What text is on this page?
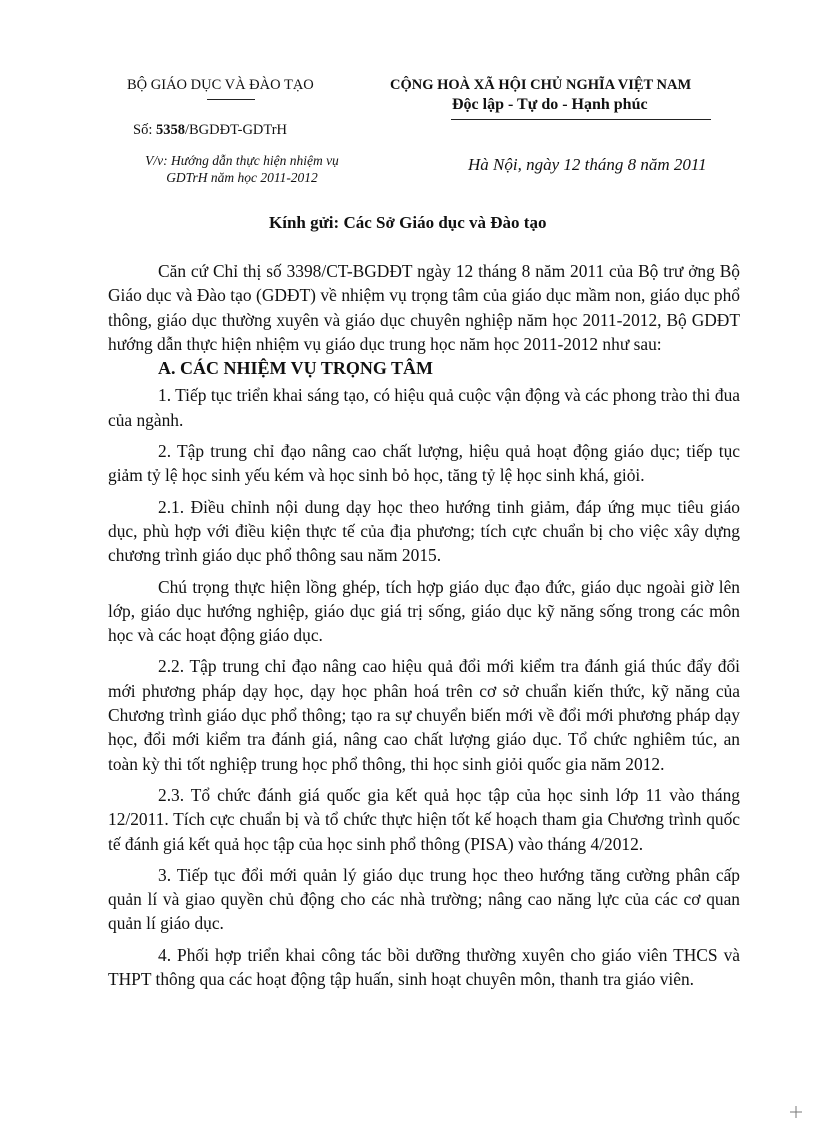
BỘ GIÁO DỤC VÀ ĐÀO TẠO	CỘNG HOÀ XÃ HỘI CHỦ NGHĨA VIỆT NAM
Độc lập - Tự do - Hạnh phúc
Số: 5358/BGDĐT-GDTrH
V/v: Hướng dẫn thực hiện nhiệm vụ
GDTrH năm học 2011-2012
Hà Nội, ngày 12 tháng 8 năm 2011
Kính gửi: Các Sở Giáo dục và Đào tạo

Căn cứ Chỉ thị số 3398/CT-BGDĐT ngày 12 tháng 8 năm 2011 của Bộ trư ởng Bộ Giáo dục và Đào tạo (GDĐT) về nhiệm vụ trọng tâm của giáo dục mầm non, giáo dục phổ thông, giáo dục thường xuyên và giáo dục chuyên nghiệp năm học 2011-2012, Bộ GDĐT hướng dẫn thực hiện nhiệm vụ giáo dục trung học năm học 2011-2012 như sau:

A. CÁC NHIỆM VỤ TRỌNG TÂM

1. Tiếp tục triển khai sáng tạo, có hiệu quả cuộc vận động và các phong trào thi đua của ngành.

2. Tập trung chỉ đạo nâng cao chất lượng, hiệu quả hoạt động giáo dục; tiếp tục giảm tỷ lệ học sinh yếu kém và học sinh bỏ học, tăng tỷ lệ học sinh khá, giỏi.

2.1. Điều chỉnh nội dung dạy học theo hướng tinh giảm, đáp ứng mục tiêu giáo dục, phù hợp với điều kiện thực tế của địa phương; tích cực chuẩn bị cho việc xây dựng chương trình giáo dục phổ thông sau năm 2015.

Chú trọng thực hiện lồng ghép, tích hợp giáo dục đạo đức, giáo dục ngoài giờ lên lớp, giáo dục hướng nghiệp, giáo dục giá trị sống, giáo dục kỹ năng sống trong các môn học và các hoạt động giáo dục.

2.2. Tập trung chỉ đạo nâng cao hiệu quả đổi mới kiểm tra đánh giá thúc đẩy đổi mới phương pháp dạy học, dạy học phân hoá trên cơ sở chuẩn kiến thức, kỹ năng của Chương trình giáo dục phổ thông; tạo ra sự chuyển biến mới về đổi mới phương pháp dạy học, đổi mới kiểm tra đánh giá, nâng cao chất lượng giáo dục. Tổ chức nghiêm túc, an toàn kỳ thi tốt nghiệp trung học phổ thông, thi học sinh giỏi quốc gia năm 2012.

2.3. Tổ chức đánh giá quốc gia kết quả học tập của học sinh lớp 11 vào tháng 12/2011. Tích cực chuẩn bị và tổ chức thực hiện tốt kế hoạch tham gia Chương trình quốc tế đánh giá kết quả học tập của học sinh phổ thông (PISA) vào tháng 4/2012.

3. Tiếp tục đổi mới quản lý giáo dục trung học theo hướng tăng cường phân cấp quản lí và giao quyền chủ động cho các nhà trường; nâng cao năng lực của các cơ quan quản lí giáo dục.

4. Phối hợp triển khai công tác bồi dưỡng thường xuyên cho giáo viên THCS và THPT thông qua các hoạt động tập huấn, sinh hoạt chuyên môn, thanh tra giáo viên.
